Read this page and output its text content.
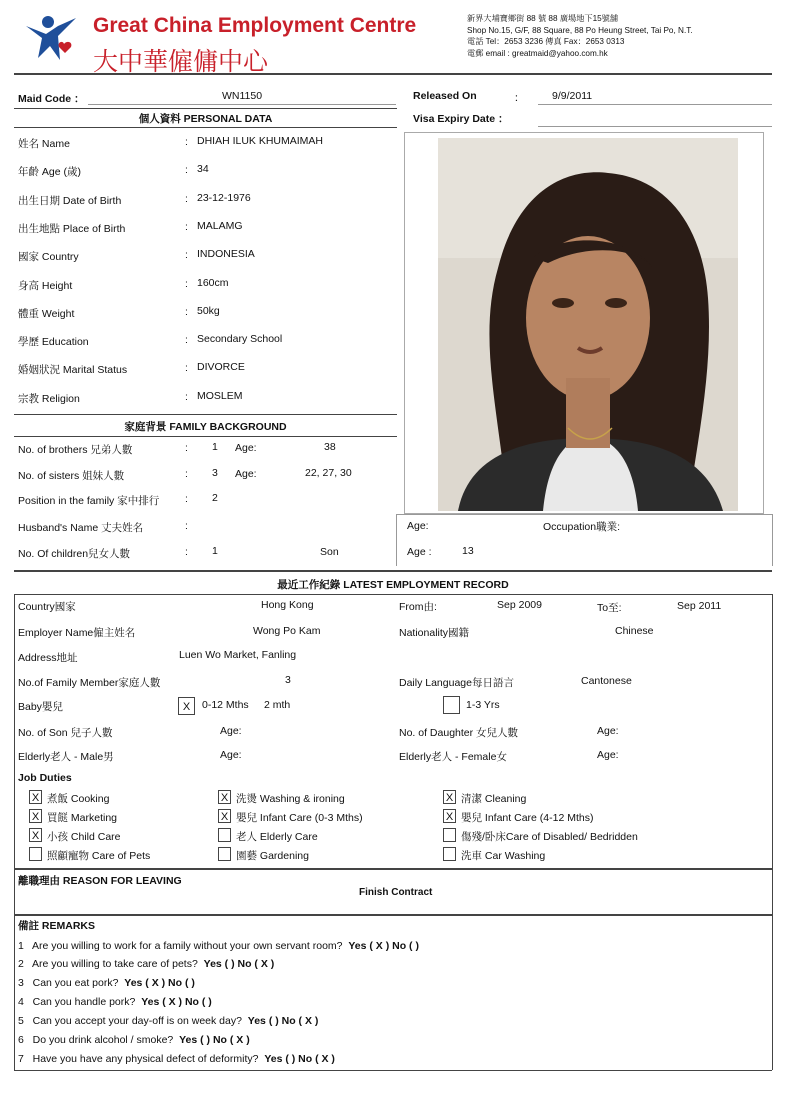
Great China Employment Centre
大中華僱傭中心
新界大埔寶鄉街 88 號 88 廣場地下15號舖
Shop No.15, G/F, 88 Square, 88 Po Heung Street, Tai Po, N.T.
電話 Tel：2653 3236 傳真 Fax：2653 0313
電郵 email : greatmaid@yahoo.com.hk
Maid Code ：	WN1150	Released On	：	9/9/2011
Visa Expiry Date ：
個人資料 PERSONAL DATA
姓名 Name	: DHIAH ILUK KHUMAIMAH
年齡 Age (歲)	: 34
出生日期 Date of Birth	: 23-12-1976
出生地點 Place of Birth	: MALAMG
國家 Country	: INDONESIA
身高 Height	: 160cm
體重 Weight	: 50kg
學歷 Education	: Secondary School
婚姻狀況 Marital Status	: DIVORCE
宗教 Religion	: MOSLEM
家庭背景 FAMILY BACKGROUND
No. of brothers 兄弟人數	: 1 Age:	38
No. of sisters 姐妹人數	: 3 Age:	22, 27, 30
Position in the family 家中排行 : 2
Husband's Name 丈夫姓名	:	Age:	Occupation職業:
No. Of children兒女人數	: 1	Son	Age :	13
最近工作紀錄 LATEST EMPLOYMENT RECORD
Country國家	Hong Kong	From由:	Sep 2009	To至:	Sep 2011
Employer Name僱主姓名	Wong Po Kam	Nationality國籍	Chinese
Address地址	Luen Wo Market, Fanling
No.of Family Member家庭人數	3	Daily Language每日語言	Cantonese
Baby嬰兒	X	0-12 Mths 2 mth	1-3 Yrs
No. of Son 兒子人數	Age:	No. of Daughter 女兒人數	Age:
Elderly老人 - Male男	Age:	Elderly老人 - Female女	Age:
Job Duties
X 煮飯 Cooking	X 洗燙 Washing & ironing	X 清潔 Cleaning
X 買餸 Marketing	X 嬰兒 Infant Care (0-3 Mths)	X 嬰兒 Infant Care (4-12 Mths)
X 小孩 Child Care	老人 Elderly Care	傷殘/卧床Care of Disabled/ Bedridden
照顧寵物 Care of Pets	園藝 Gardening	洗車 Car Washing
離職理由 REASON FOR LEAVING
Finish Contract
備註 REMARKS
1 Are you willing to work for a family without your own servant room? Yes ( X ) No ( )
2 Are you willing to take care of pets? Yes ( ) No ( X )
3 Can you eat pork? Yes ( X ) No ( )
4 Can you handle pork? Yes ( X ) No ( )
5 Can you accept your day-off is on week day? Yes ( ) No ( X )
6 Do you drink alcohol / smoke? Yes ( ) No ( X )
7 Have you have any physical defect of deformity? Yes ( ) No ( X )
